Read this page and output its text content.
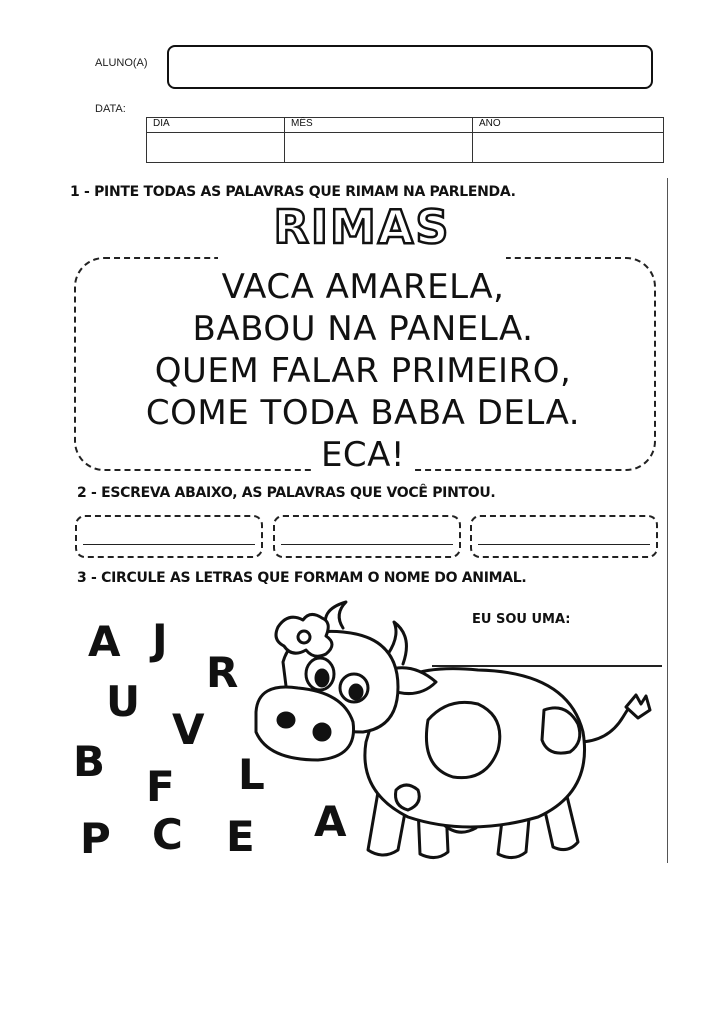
ALUNO(A)
DATA:
DIA	MÊS	ANO

1 - PINTE TODAS AS PALAVRAS QUE RIMAM NA PARLENDA.
RIMAS
VACA AMARELA,
BABOU NA PANELA.
QUEM FALAR PRIMEIRO,
COME TODA BABA DELA.
ECA!
2 - ESCREVA ABAIXO, AS PALAVRAS QUE VOCÊ PINTOU.
3 - CIRCULE AS LETRAS QUE FORMAM O NOME DO ANIMAL.
A J
R
U
V
B
F L
P C E A
EU SOU UMA:
